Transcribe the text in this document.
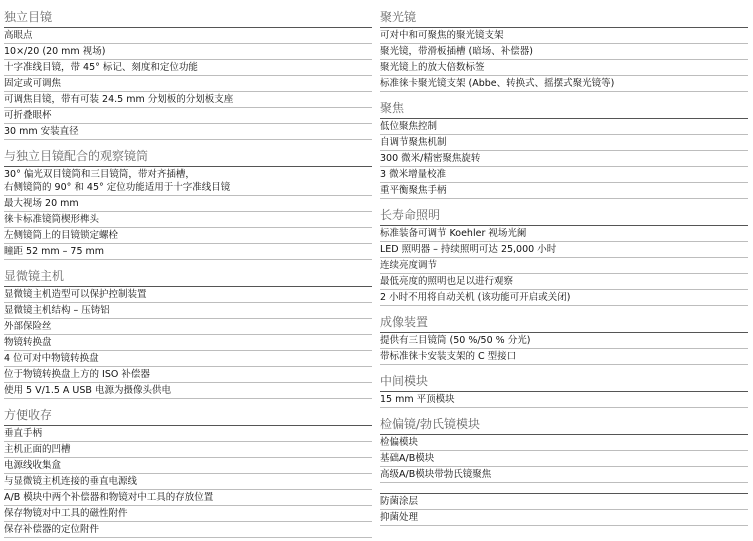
独立目镜
高眼点
10×/20 (20 mm 视场)
十字准线目镜，带 45° 标记、刻度和定位功能
固定或可调焦
可调焦目镜，带有可装 24.5 mm 分划板的分划板支座
可折叠眼杯
30 mm 安装直径
与独立目镜配合的观察镜筒
30° 偏光双目镜筒和三目镜筒，带对齐插槽，
右侧镜筒的 90° 和 45° 定位功能适用于十字准线目镜
最大视场 20 mm
徕卡标准镜筒楔形榫头
左侧镜筒上的目镜锁定螺栓
瞳距 52 mm – 75 mm
显微镜主机
显微镜主机造型可以保护控制装置
显微镜主机结构 – 压铸铝
外部保险丝
物镜转换盘
4 位可对中物镜转换盘
位于物镜转换盘上方的 ISO 补偿器
使用 5 V/1.5 A USB 电源为摄像头供电
方便收存
垂直手柄
主机正面的凹槽
电源线收集盒
与显微镜主机连接的垂直电源线
A/B 模块中两个补偿器和物镜对中工具的存放位置
保存物镜对中工具的磁性附件
保存补偿器的定位附件
聚光镜
可对中和可聚焦的聚光镜支架
聚光镜，带滑板插槽 (暗场、补偿器)
聚光镜上的放大倍数标签
标准徕卡聚光镜支架 (Abbe、转换式、摇摆式聚光镜等)
聚焦
低位聚焦控制
自调节聚焦机制
300 微米/精密聚焦旋转
3 微米增量校准
重平衡聚焦手柄
长寿命照明
标准装备可调节 Koehler 视场光阑
LED 照明器 – 持续照明可达 25,000 小时
连续亮度调节
最低亮度的照明也足以进行观察
2 小时不用将自动关机 (该功能可开启或关闭)
成像装置
提供有三目镜筒 (50 %/50 % 分光)
带标准徕卡安装支架的 C 型接口
中间模块
15 mm 平顶模块
检偏镜/勃氏镜模块
检偏模块
基础A/B模块
高级A/B模块带勃氏镜聚焦
防菌涂层
抑菌处理
